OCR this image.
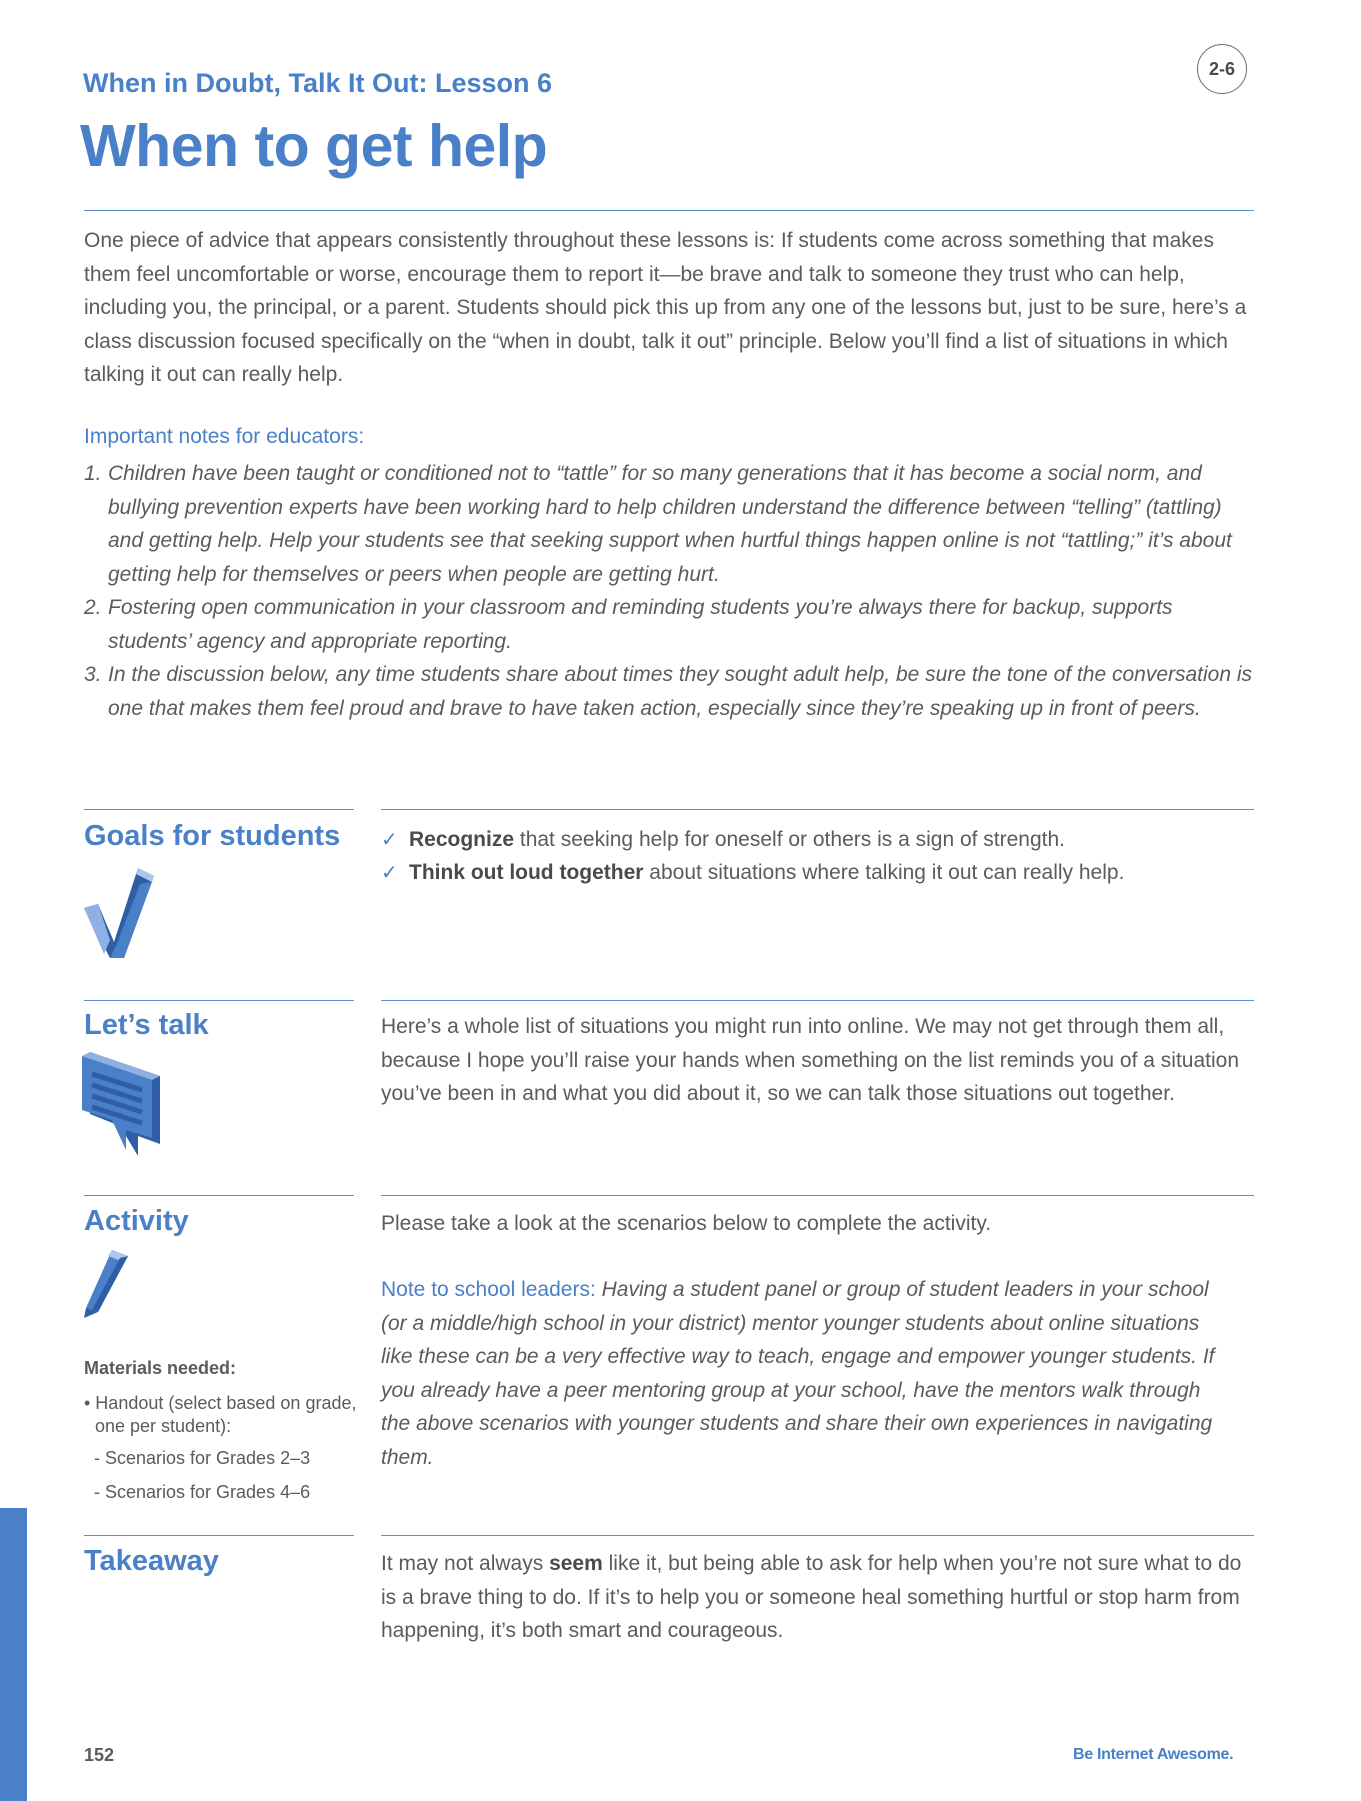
When in Doubt, Talk It Out: Lesson 6
When to get help
2-6
One piece of advice that appears consistently throughout these lessons is: If students come across something that makes them feel uncomfortable or worse, encourage them to report it—be brave and talk to someone they trust who can help, including you, the principal, or a parent. Students should pick this up from any one of the lessons but, just to be sure, here’s a class discussion focused specifically on the “when in doubt, talk it out” principle. Below you’ll find a list of situations in which talking it out can really help.
Important notes for educators:
1. Children have been taught or conditioned not to “tattle” for so many generations that it has become a social norm, and bullying prevention experts have been working hard to help children understand the difference between “telling” (tattling) and getting help. Help your students see that seeking support when hurtful things happen online is not “tattling;” it’s about getting help for themselves or peers when people are getting hurt.
2. Fostering open communication in your classroom and reminding students you’re always there for backup, supports students’ agency and appropriate reporting.
3. In the discussion below, any time students share about times they sought adult help, be sure the tone of the conversation is one that makes them feel proud and brave to have taken action, especially since they’re speaking up in front of peers.
Goals for students ✓ Recognize that seeking help for oneself or others is a sign of strength.
✓ Think out loud together about situations where talking it out can really help.
Let’s talk	Here’s a whole list of situations you might run into online. We may not get through them all, because I hope you’ll raise your hands when something on the list reminds you of a situation you’ve been in and what you did about it, so we can talk those situations out together.
Activity	Please take a look at the scenarios below to complete the activity.
Note to school leaders: Having a student panel or group of student leaders in your school (or a middle/high school in your district) mentor younger students about online situations like these can be a very effective way to teach, engage and empower younger students. If you already have a peer mentoring group at your school, have the mentors walk through the above scenarios with younger students and share their own experiences in navigating them.
Materials needed:
• Handout (select based on grade, one per student):
- Scenarios for Grades 2–3
- Scenarios for Grades 4–6
Takeaway	It may not always seem like it, but being able to ask for help when you’re not sure what to do is a brave thing to do. If it’s to help you or someone heal something hurtful or stop harm from happening, it’s both smart and courageous.
152	Be Internet Awesome.
